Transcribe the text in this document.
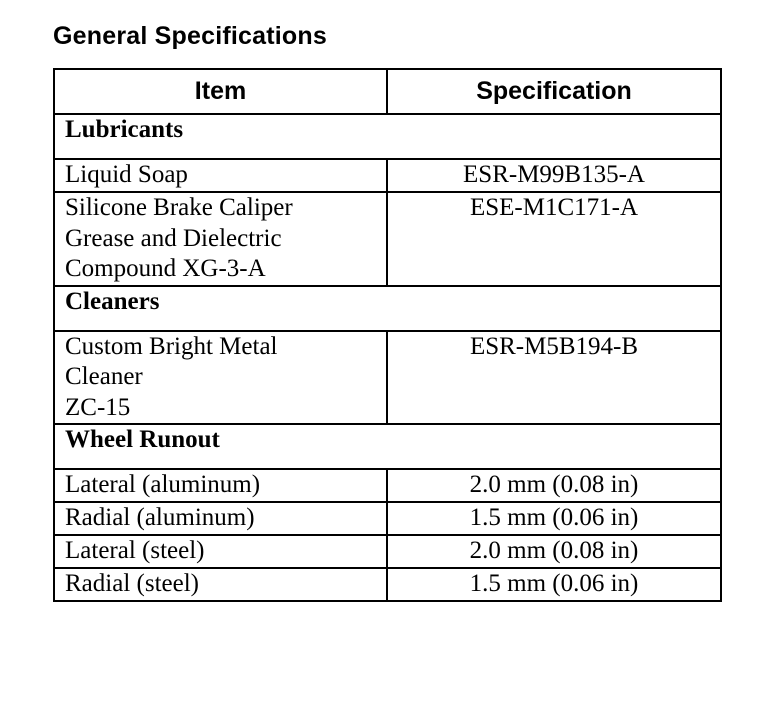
General Specifications
Item	Specification
Lubricants	

Liquid Soap	ESR-M99B135-A

Silicone Brake Caliper
Grease and Dielectric
Compound XG-3-A	ESE-M1C171-A
Cleaners	

Custom Bright Metal
Cleaner
ZC-15	ESR-M5B194-B
Wheel Runout	

Lateral (aluminum)	2.0 mm (0.08 in)

Radial (aluminum)	1.5 mm (0.06 in)

Lateral (steel)	2.0 mm (0.08 in)

Radial (steel)	1.5 mm (0.06 in)
